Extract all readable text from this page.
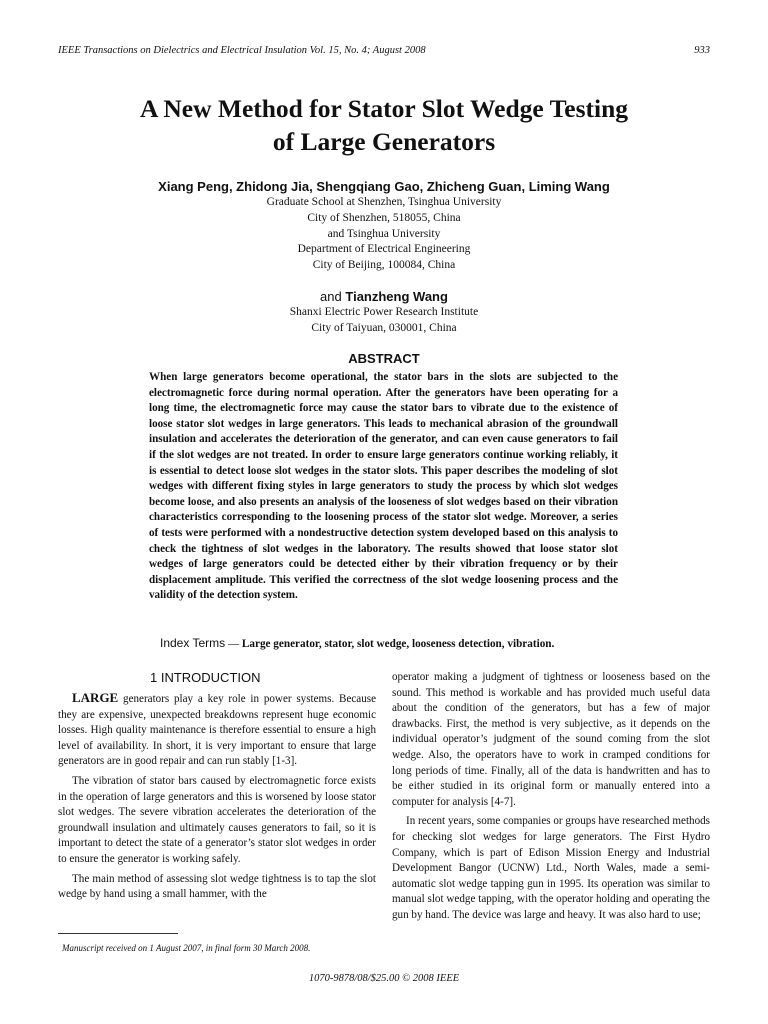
IEEE Transactions on Dielectrics and Electrical Insulation Vol. 15, No. 4; August 2008	933
A New Method for Stator Slot Wedge Testing
of Large Generators
Xiang Peng, Zhidong Jia, Shengqiang Gao, Zhicheng Guan, Liming Wang
Graduate School at Shenzhen, Tsinghua University
City of Shenzhen, 518055, China
and Tsinghua University
Department of Electrical Engineering
City of Beijing, 100084, China
and Tianzheng Wang
Shanxi Electric Power Research Institute
City of Taiyuan, 030001, China
ABSTRACT
When large generators become operational, the stator bars in the slots are subjected to the electromagnetic force during normal operation. After the generators have been operating for a long time, the electromagnetic force may cause the stator bars to vibrate due to the existence of loose stator slot wedges in large generators. This leads to mechanical abrasion of the groundwall insulation and accelerates the deterioration of the generator, and can even cause generators to fail if the slot wedges are not treated. In order to ensure large generators continue working reliably, it is essential to detect loose slot wedges in the stator slots. This paper describes the modeling of slot wedges with different fixing styles in large generators to study the process by which slot wedges become loose, and also presents an analysis of the looseness of slot wedges based on their vibration characteristics corresponding to the loosening process of the stator slot wedge. Moreover, a series of tests were performed with a nondestructive detection system developed based on this analysis to check the tightness of slot wedges in the laboratory. The results showed that loose stator slot wedges of large generators could be detected either by their vibration frequency or by their displacement amplitude. This verified the correctness of the slot wedge loosening process and the validity of the detection system.
Index Terms — Large generator, stator, slot wedge, looseness detection, vibration.
1 INTRODUCTION

LARGE generators play a key role in power systems. Because they are expensive, unexpected breakdowns represent huge economic losses. High quality maintenance is therefore essential to ensure a high level of availability. In short, it is very important to ensure that large generators are in good repair and can run stably [1-3].

The vibration of stator bars caused by electromagnetic force exists in the operation of large generators and this is worsened by loose stator slot wedges. The severe vibration accelerates the deterioration of the groundwall insulation and ultimately causes generators to fail, so it is important to detect the state of a generator’s stator slot wedges in order to ensure the generator is working safely.

The main method of assessing slot wedge tightness is to tap the slot wedge by hand using a small hammer, with the

operator making a judgment of tightness or looseness based on the sound. This method is workable and has provided much useful data about the condition of the generators, but has a few of major drawbacks. First, the method is very subjective, as it depends on the individual operator’s judgment of the sound coming from the slot wedge. Also, the operators have to work in cramped conditions for long periods of time. Finally, all of the data is handwritten and has to be either studied in its original form or manually entered into a computer for analysis [4-7].

In recent years, some companies or groups have researched methods for checking slot wedges for large generators. The First Hydro Company, which is part of Edison Mission Energy and Industrial Development Bangor (UCNW) Ltd., North Wales, made a semi-automatic slot wedge tapping gun in 1995. Its operation was similar to manual slot wedge tapping, with the operator holding and operating the gun by hand. The device was large and heavy. It was also hard to use;

Manuscript received on 1 August 2007, in final form 30 March 2008.
1070-9878/08/$25.00 © 2008 IEEE
